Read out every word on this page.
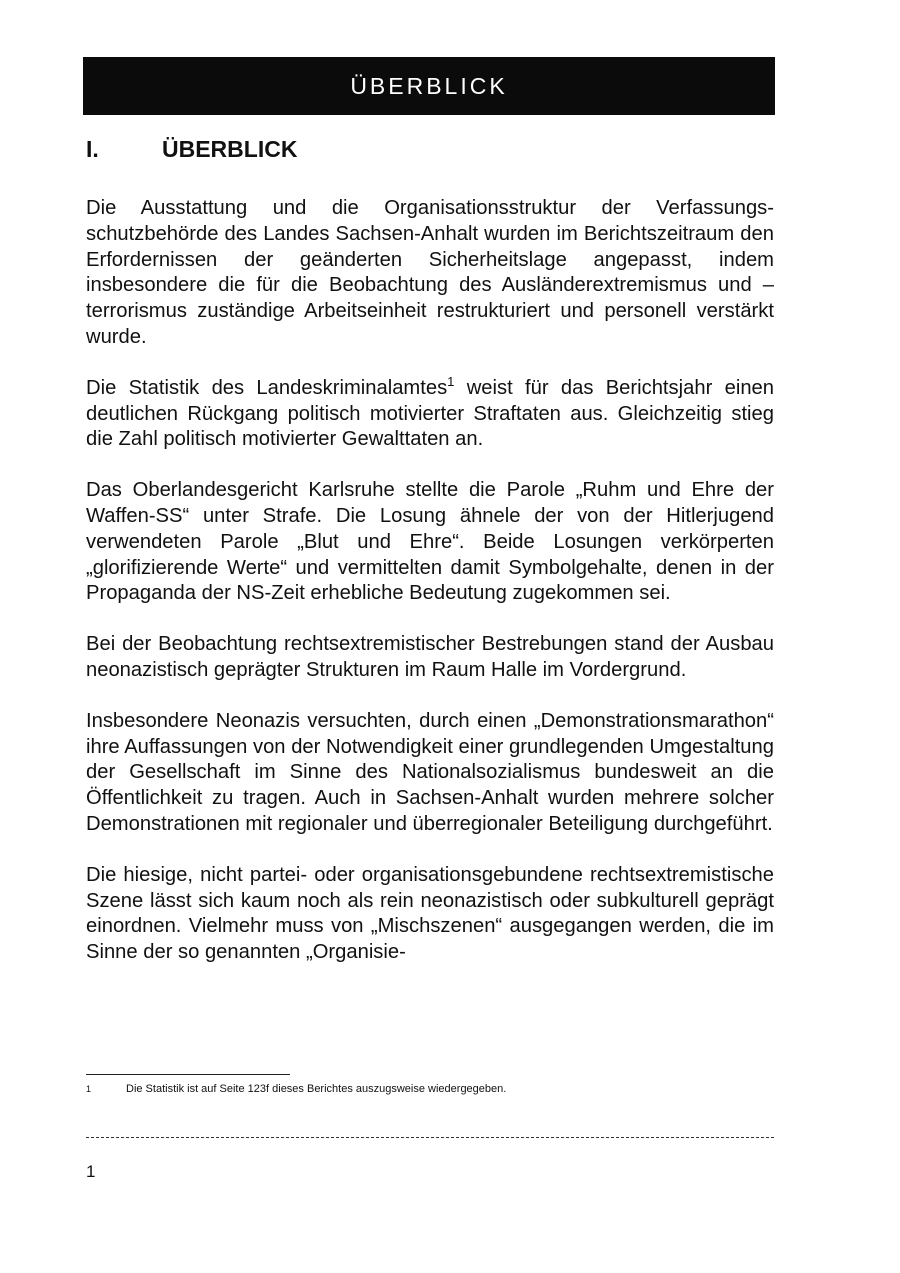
ÜBERBLICK
I.	ÜBERBLICK

Die Ausstattung und die Organisationsstruktur der Verfassungsschutzbehörde des Landes Sachsen-Anhalt wurden im Berichtszeitraum den Erfordernissen der geänderten Sicherheitslage angepasst, indem insbesondere die für die Beobachtung des Ausländerextremismus und –terrorismus zuständige Arbeitseinheit restrukturiert und personell verstärkt wurde.

Die Statistik des Landeskriminalamtes$^1$ weist für das Berichtsjahr einen deutlichen Rückgang politisch motivierter Straftaten aus. Gleichzeitig stieg die Zahl politisch motivierter Gewalttaten an.

Das Oberlandesgericht Karlsruhe stellte die Parole „Ruhm und Ehre der Waffen-SS“ unter Strafe. Die Losung ähnele der von der Hitlerjugend verwendeten Parole „Blut und Ehre“. Beide Losungen verkörperten „glorifizierende Werte“ und vermittelten damit Symbolgehalte, denen in der Propaganda der NS-Zeit erhebliche Bedeutung zugekommen sei.

Bei der Beobachtung rechtsextremistischer Bestrebungen stand der Ausbau neonazistisch geprägter Strukturen im Raum Halle im Vordergrund.

Insbesondere Neonazis versuchten, durch einen „Demonstrationsmarathon“ ihre Auffassungen von der Notwendigkeit einer grundlegenden Umgestaltung der Gesellschaft im Sinne des Nationalsozialismus bundesweit an die Öffentlichkeit zu tragen. Auch in Sachsen-Anhalt wurden mehrere solcher Demonstrationen mit regionaler und überregionaler Beteiligung durchgeführt.

Die hiesige, nicht partei- oder organisationsgebundene rechtsextremistische Szene lässt sich kaum noch als rein neonazistisch oder subkulturell geprägt einordnen. Vielmehr muss von „Mischszenen“ ausgegangen werden, die im Sinne der so genannten „Organisie-

1	Die Statistik ist auf Seite 123f dieses Berichtes auszugsweise wiedergegeben.
1
